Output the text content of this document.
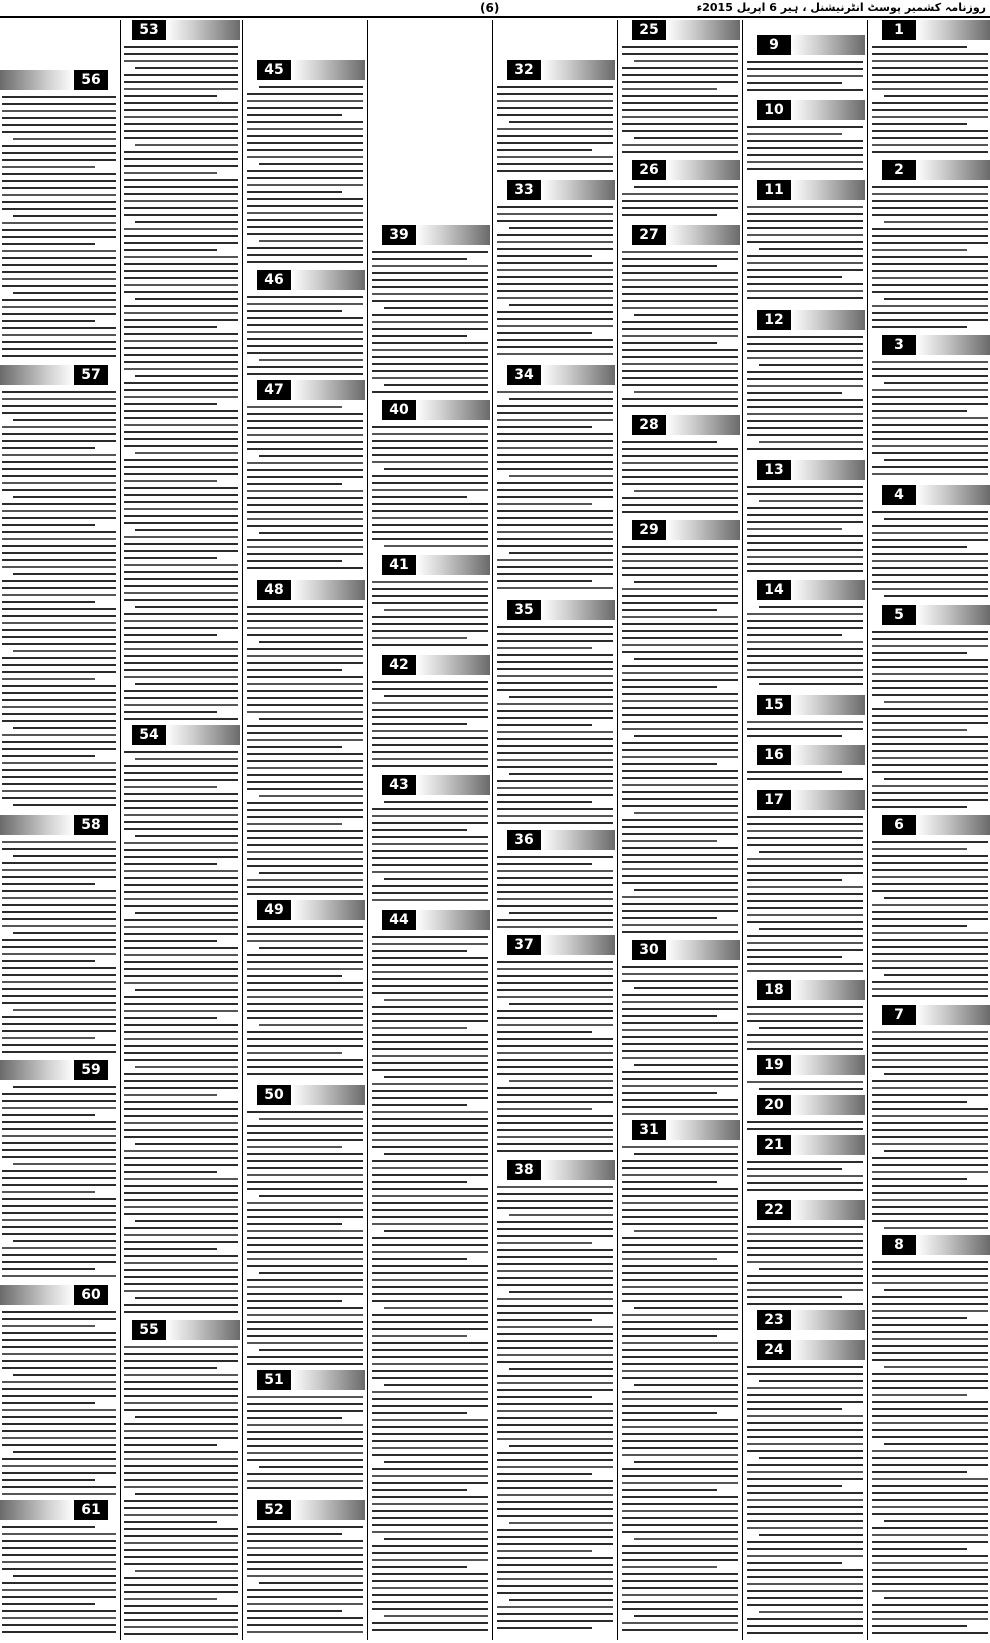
(6)	روزنامہ کشمیر پوسٹ انٹرنیشنل ، ہیر 6 اپریل 2015ء
1
2
3
4
5
6
7
8
9
10
11
12
13
14
15
16
17
18
19
20
21
22
23
24
25
26
27
28
29
30
31
32
33
34
35
36
37
38
39
40
41
42
43
44
45
46
47
48
49
50
51
52
53
54
55
56
57
58
59
60
61
